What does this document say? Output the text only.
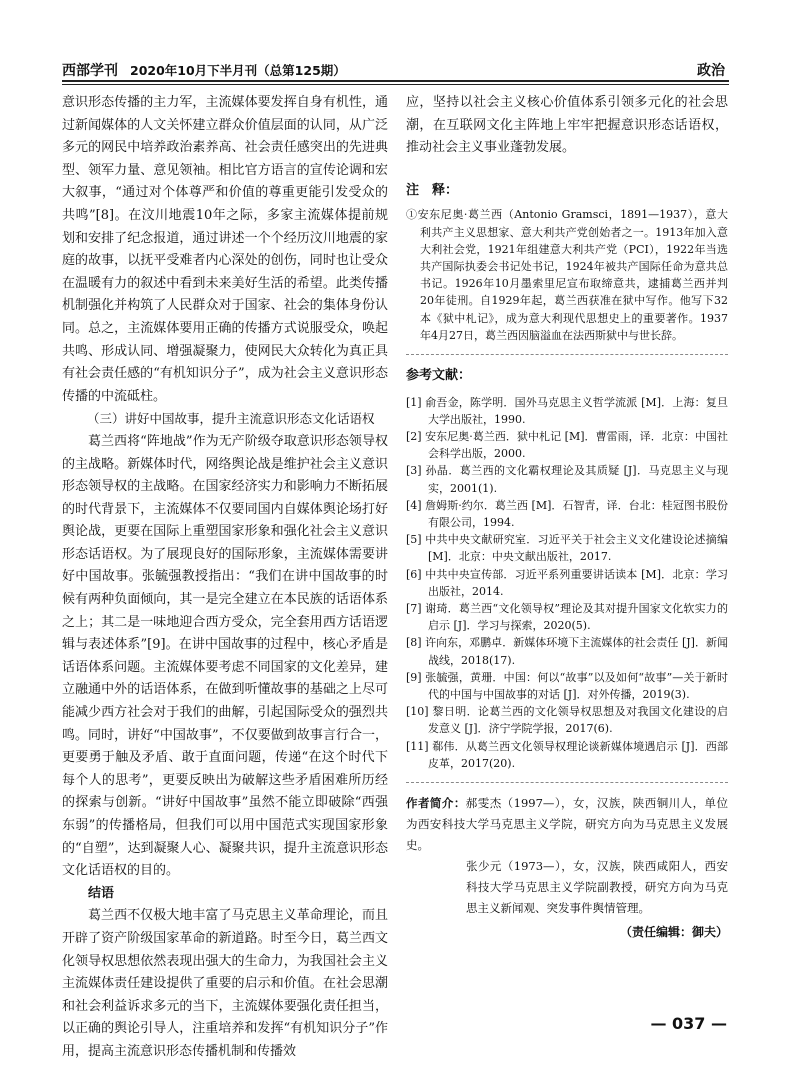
西部学刊 2020年10月下半月刊（总第125期）	政治

意识形态传播的主力军，主流媒体要发挥自身有机性，通过新闻媒体的人文关怀建立群众价值层面的认同，从广泛多元的网民中培养政治素养高、社会责任感突出的先进典型、领军力量、意见领袖。相比官方语言的宣传论调和宏大叙事，“通过对个体尊严和价值的尊重更能引发受众的共鸣”[8]。在汶川地震10年之际，多家主流媒体提前规划和安排了纪念报道，通过讲述一个个经历汶川地震的家庭的故事，以抚平受难者内心深处的创伤，同时也让受众在温暖有力的叙述中看到未来美好生活的希望。此类传播机制强化并构筑了人民群众对于国家、社会的集体身份认同。总之，主流媒体要用正确的传播方式说服受众，唤起共鸣、形成认同、增强凝聚力，使网民大众转化为真正具有社会责任感的“有机知识分子”，成为社会主义意识形态传播的中流砥柱。

（三）讲好中国故事，提升主流意识形态文化话语权

葛兰西将“阵地战”作为无产阶级夺取意识形态领导权的主战略。新媒体时代，网络舆论战是维护社会主义意识形态领导权的主战略。在国家经济实力和影响力不断拓展的时代背景下，主流媒体不仅要同国内自媒体舆论场打好舆论战，更要在国际上重塑国家形象和强化社会主义意识形态话语权。为了展现良好的国际形象，主流媒体需要讲好中国故事。张毓强教授指出：“我们在讲中国故事的时候有两种负面倾向，其一是完全建立在本民族的话语体系之上；其二是一味地迎合西方受众，完全套用西方话语逻辑与表述体系”[9]。在讲中国故事的过程中，核心矛盾是话语体系问题。主流媒体要考虑不同国家的文化差异，建立融通中外的话语体系，在做到听懂故事的基础之上尽可能减少西方社会对于我们的曲解，引起国际受众的强烈共鸣。同时，讲好“中国故事”，不仅要做到故事言行合一，更要勇于触及矛盾、敢于直面问题，传递“在这个时代下每个人的思考”，更要反映出为破解这些矛盾困难所历经的探索与创新。“讲好中国故事”虽然不能立即破除“西强东弱”的传播格局，但我们可以用中国范式实现国家形象的“自塑”，达到凝聚人心、凝聚共识，提升主流意识形态文化话语权的目的。

结语

葛兰西不仅极大地丰富了马克思主义革命理论，而且开辟了资产阶级国家革命的新道路。时至今日，葛兰西文化领导权思想依然表现出强大的生命力，为我国社会主义主流媒体责任建设提供了重要的启示和价值。在社会思潮和社会利益诉求多元的当下，主流媒体要强化责任担当，以正确的舆论引导人，注重培养和发挥“有机知识分子”作用，提高主流意识形态传播机制和传播效

应，坚持以社会主义核心价值体系引领多元化的社会思潮，在互联网文化主阵地上牢牢把握意识形态话语权，推动社会主义事业蓬勃发展。

注　释：

①安东尼奥·葛兰西（Antonio Gramsci，1891—1937），意大利共产主义思想家、意大利共产党创始者之一。1913年加入意大利社会党，1921年组建意大利共产党（PCI），1922年当选共产国际执委会书记处书记，1924年被共产国际任命为意共总书记。1926年10月墨索里尼宣布取缔意共，逮捕葛兰西并判20年徒刑。自1929年起，葛兰西获准在狱中写作。他写下32本《狱中札记》，成为意大利现代思想史上的重要著作。1937年4月27日，葛兰西因脑溢血在法西斯狱中与世长辞。

参考文献：

[1] 俞吾金，陈学明．国外马克思主义哲学流派 [M]．上海：复旦大学出版社，1990.

[2] 安东尼奥·葛兰西．狱中札记 [M]．曹雷雨，译．北京：中国社会科学出版，2000.

[3] 孙晶．葛兰西的文化霸权理论及其质疑 [J]．马克思主义与现实，2001(1).

[4] 詹姆斯·约尔．葛兰西 [M]．石智青，译．台北：桂冠图书股份有限公司，1994.

[5] 中共中央文献研究室．习近平关于社会主义文化建设论述摘编 [M]．北京：中央文献出版社，2017.

[6] 中共中央宣传部．习近平系列重要讲话读本 [M]．北京：学习出版社，2014.

[7] 谢琦．葛兰西“文化领导权”理论及其对提升国家文化软实力的启示 [J]．学习与探索，2020(5).

[8] 许向东，邓鹏卓．新媒体环境下主流媒体的社会责任 [J]．新闻战线，2018(17).

[9] 张毓强，黄珊．中国：何以“故事”以及如何“故事”—关于新时代的中国与中国故事的对话 [J]．对外传播，2019(3).

[10] 黎日明．论葛兰西的文化领导权思想及对我国文化建设的启发意义 [J]．济宁学院学报，2017(6).

[11] 郗伟．从葛兰西文化领导权理论谈新媒体境遇启示 [J]．西部皮革，2017(20).

作者简介：郝雯杰（1997—），女，汉族，陕西铜川人，单位为西安科技大学马克思主义学院，研究方向为马克思主义发展史。
张少元（1973—），女，汉族，陕西咸阳人，西安科技大学马克思主义学院副教授，研究方向为马克思主义新闻观、突发事件舆情管理。
（责任编辑：御夫）
— 037 —
